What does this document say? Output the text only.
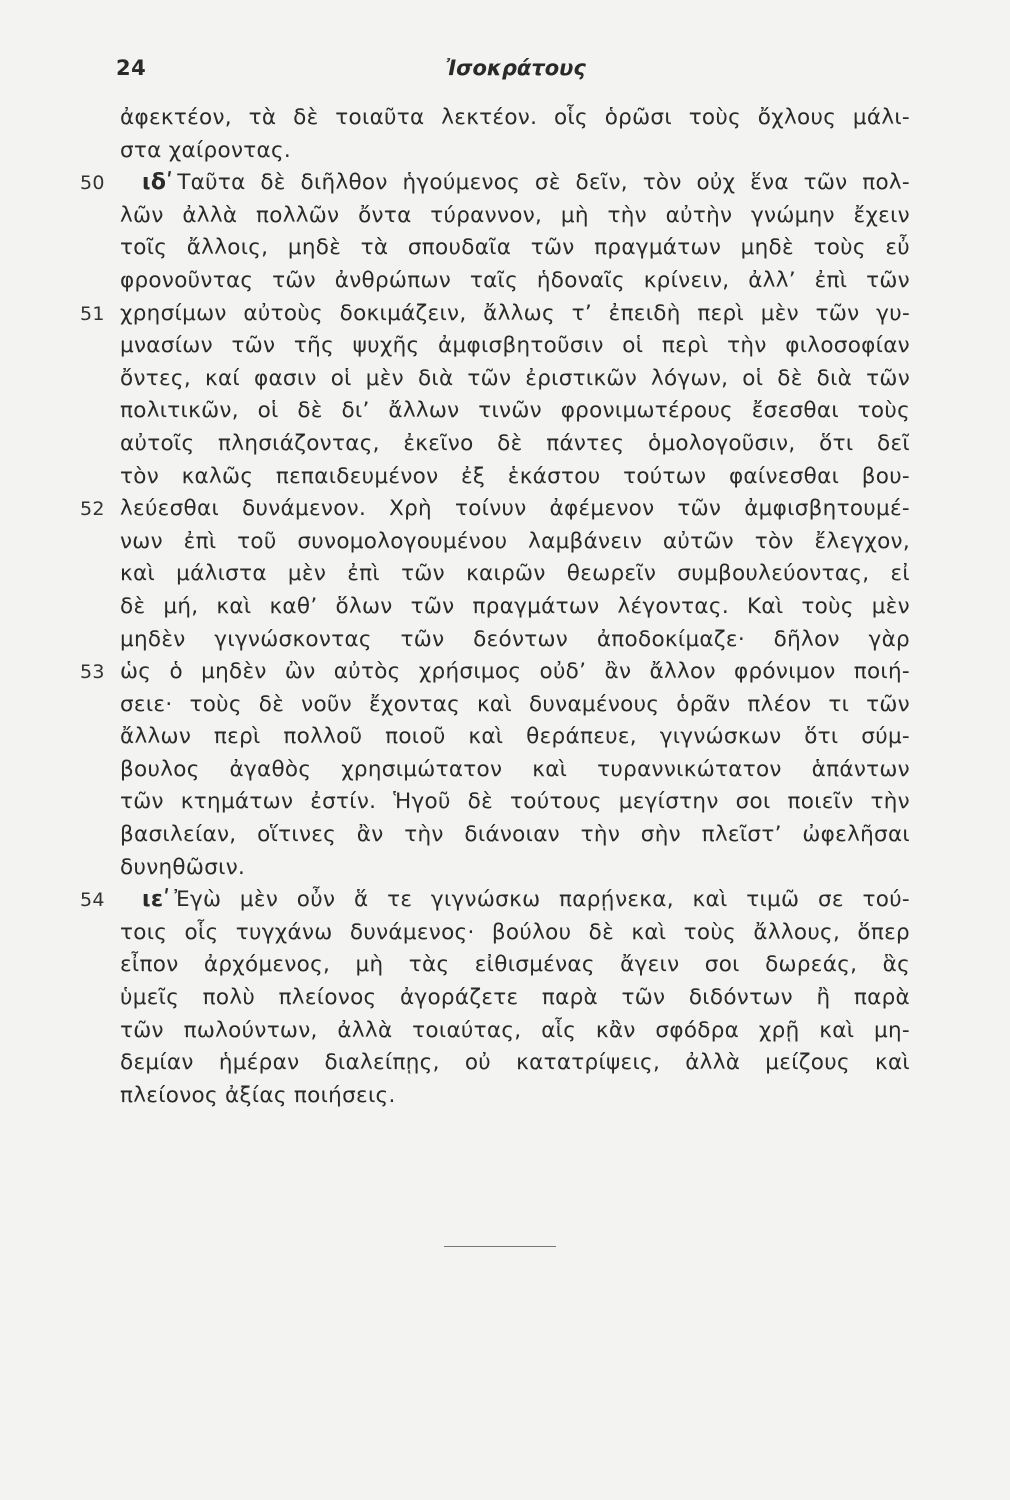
24	Ἰσοκράτους
ἀφεκτέον, τὰ δὲ τοιαῦτα λεκτέον. οἷς ὁρῶσι τοὺς ὄχλους μάλι-
στα χαίροντας.
50 ιδʹ Ταῦτα δὲ διῆλθον ἡγούμενος σὲ δεῖν, τὸν οὐχ ἕνα τῶν πολ-
λῶν ἀλλὰ πολλῶν ὄντα τύραννον, μὴ τὴν αὐτὴν γνώμην ἔχειν
τοῖς ἄλλοις, μηδὲ τὰ σπουδαῖα τῶν πραγμάτων μηδὲ τοὺς εὖ
φρονοῦντας τῶν ἀνθρώπων ταῖς ἡδοναῖς κρίνειν, ἀλλ’ ἐπὶ τῶν
51 χρησίμων αὐτοὺς δοκιμάζειν, ἄλλως τ’ ἐπειδὴ περὶ μὲν τῶν γυ-
μνασίων τῶν τῆς ψυχῆς ἀμφισβητοῦσιν οἱ περὶ τὴν φιλοσοφίαν
ὄντες, καί φασιν οἱ μὲν διὰ τῶν ἐριστικῶν λόγων, οἱ δὲ διὰ τῶν
πολιτικῶν, οἱ δὲ δι’ ἄλλων τινῶν φρονιμωτέρους ἔσεσθαι τοὺς
αὐτοῖς πλησιάζοντας, ἐκεῖνο δὲ πάντες ὁμολογοῦσιν, ὅτι δεῖ
τὸν καλῶς πεπαιδευμένον ἐξ ἑκάστου τούτων φαίνεσθαι βου-
52 λεύεσθαι δυνάμενον. Χρὴ τοίνυν ἀφέμενον τῶν ἀμφισβητουμέ-
νων ἐπὶ τοῦ συνομολογουμένου λαμβάνειν αὐτῶν τὸν ἔλεγχον,
καὶ μάλιστα μὲν ἐπὶ τῶν καιρῶν θεωρεῖν συμβουλεύοντας, εἰ
δὲ μή, καὶ καθ’ ὅλων τῶν πραγμάτων λέγοντας. Καὶ τοὺς μὲν
μηδὲν γιγνώσκοντας τῶν δεόντων ἀποδοκίμαζε· δῆλον γὰρ
53 ὡς ὁ μηδὲν ὢν αὐτὸς χρήσιμος οὐδ’ ἂν ἄλλον φρόνιμον ποιή-
σειε· τοὺς δὲ νοῦν ἔχοντας καὶ δυναμένους ὁρᾶν πλέον τι τῶν
ἄλλων περὶ πολλοῦ ποιοῦ καὶ θεράπευε, γιγνώσκων ὅτι σύμ-
βουλος ἀγαθὸς χρησιμώτατον καὶ τυραννικώτατον ἁπάντων
τῶν κτημάτων ἐστίν. Ἡγοῦ δὲ τούτους μεγίστην σοι ποιεῖν τὴν
βασιλείαν, οἵτινες ἂν τὴν διάνοιαν τὴν σὴν πλεῖστ’ ὠφελῆσαι
δυνηθῶσιν.
54 ιεʹ Ἐγὼ μὲν οὖν ἅ τε γιγνώσκω παρῄνεκα, καὶ τιμῶ σε τού-
τοις οἷς τυγχάνω δυνάμενος· βούλου δὲ καὶ τοὺς ἄλλους, ὅπερ
εἶπον ἀρχόμενος, μὴ τὰς εἰθισμένας ἄγειν σοι δωρεάς, ἃς
ὑμεῖς πολὺ πλείονος ἀγοράζετε παρὰ τῶν διδόντων ἢ παρὰ
τῶν πωλούντων, ἀλλὰ τοιαύτας, αἷς κἂν σφόδρα χρῇ καὶ μη-
δεμίαν ἡμέραν διαλείπῃς, οὐ κατατρίψεις, ἀλλὰ μείζους καὶ
πλείονος ἀξίας ποιήσεις.
